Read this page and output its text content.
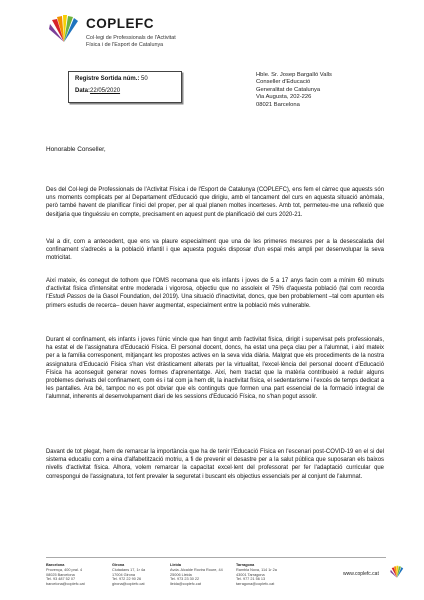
COPLEFC
Col·legi de Professionals de l'Activitat
Física i de l'Esport de Catalunya
Registre Sortida núm.: 50
Data:22/05/2020
Hble. Sr. Josep Bargalló Valls
Conseller d'Educació
Generalitat de Catalunya
Via Augusta, 202-226
08021 Barcelona
Honorable Conseller,
Des del Col·legi de Professionals de l'Activitat Física i de l'Esport de Catalunya (COPLEFC), ens fem el càrrec que aquests són uns moments complicats per al Departament d'Educació que dirigiu, amb el tancament del curs en aquesta situació anòmala, però també havent de planificar l'inici del proper, per al qual planen moltes incerteses. Amb tot, permeteu-me una reflexió que desitjaria que tinguéssiu en compte, precisament en aquest punt de planificació del curs 2020-21.
Val a dir, com a antecedent, que ens va plaure especialment que una de les primeres mesures per a la desescalada del confinament s'adrecés a la població infantil i que aquesta pogués disposar d'un espai més ampli per desenvolupar la seva motricitat.
Així mateix, és conegut de tothom que l'OMS recomana que els infants i joves de 5 a 17 anys facin com a mínim 60 minuts d'activitat física d'intensitat entre moderada i vigorosa, objectiu que no assoleix el 75% d'aquesta població (tal com recorda l'Estudi Passos de la Gasol Foundation, del 2019). Una situació d'inactivitat, doncs, que ben probablement –tal com apunten els primers estudis de recerca– deuen haver augmentat, especialment entre la població més vulnerable.
Durant el confinament, els infants i joves l'únic vincle que han tingut amb l'activitat física, dirigit i supervisat pels professionals, ha estat el de l'assignatura d'Educació Física. El personal docent, doncs, ha estat una peça clau per a l'alumnat, i així mateix per a la família corresponent, mitjançant les propostes actives en la seva vida diària. Malgrat que els procediments de la nostra assignatura d'Educació Física s'han vist dràsticament alterats per la virtualitat, l'excel·lència del personal docent d'Educació Física ha aconseguit generar noves formes d'aprenentatge. Així, hem tractat que la matèria contribueixi a reduir alguns problemes derivats del confinament, com és i tal com ja hem dit, la inactivitat física, el sedentarisme i l'excés de temps dedicat a les pantalles. Ara bé, tampoc no es pot obviar que els continguts que formen una part essencial de la formació integral de l'alumnat, inherents al desenvolupament diari de les sessions d'Educació Física, no s'han pogut assolir.
Davant de tot plegat, hem de remarcar la importància que ha de tenir l'Educació Física en l'escenari post-COVID-19 en el si del sistema educatiu com a eina d'alfabetització motriu, a fi de prevenir el desastre per a la salut pública que suposaran els baixos nivells d'activitat física. Alhora, volem remarcar la capacitat excel·lent del professorat per fer l'adaptació curricular que correspongui de l'assignatura, tot fent prevaler la seguretat i buscant els objectius essencials per al conjunt de l'alumnat.
Barcelona
Provença, 400 pral. 4
08025 Barcelona
Tel. 93 487 52 07
barcelona@coplefc.cat
Girona
Ciutadans 17, 1r 4a
17004 Girona
Tel. 972 22 90 26
girona@coplefc.cat
Lleida
Avda. Alcalde Rovira Roure, 44
25006 Lleida
Tel. 973 23 30 22
lleida@coplefc.cat
Tarragona
Rambla Nova, 114 1r 2a
43001 Tarragona
Tel. 977 21 56 13
tarragona@coplefc.cat
www.coplefc.cat
